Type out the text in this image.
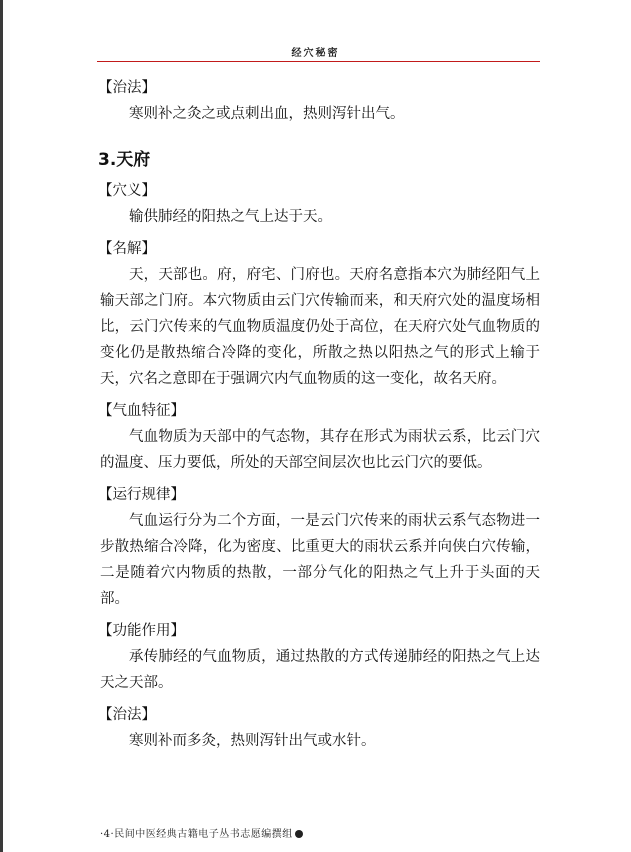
经穴秘密
【治法】

寒则补之灸之或点刺出血，热则泻针出气。

3.天府
【穴义】

输供肺经的阳热之气上达于天。

【名解】

天，天部也。府，府宅、门府也。天府名意指本穴为肺经阳气上输天部之门府。本穴物质由云门穴传输而来，和天府穴处的温度场相比，云门穴传来的气血物质温度仍处于高位，在天府穴处气血物质的变化仍是散热缩合冷降的变化，所散之热以阳热之气的形式上输于天，穴名之意即在于强调穴内气血物质的这一变化，故名天府。

【气血特征】

气血物质为天部中的气态物，其存在形式为雨状云系，比云门穴的温度、压力要低，所处的天部空间层次也比云门穴的要低。

【运行规律】

气血运行分为二个方面，一是云门穴传来的雨状云系气态物进一步散热缩合冷降，化为密度、比重更大的雨状云系并向侠白穴传输，二是随着穴内物质的热散，一部分气化的阳热之气上升于头面的天部。

【功能作用】

承传肺经的气血物质，通过热散的方式传递肺经的阳热之气上达天之天部。

【治法】

寒则补而多灸，热则泻针出气或水针。

·4·民间中医经典古籍电子丛书志愿编撰组
